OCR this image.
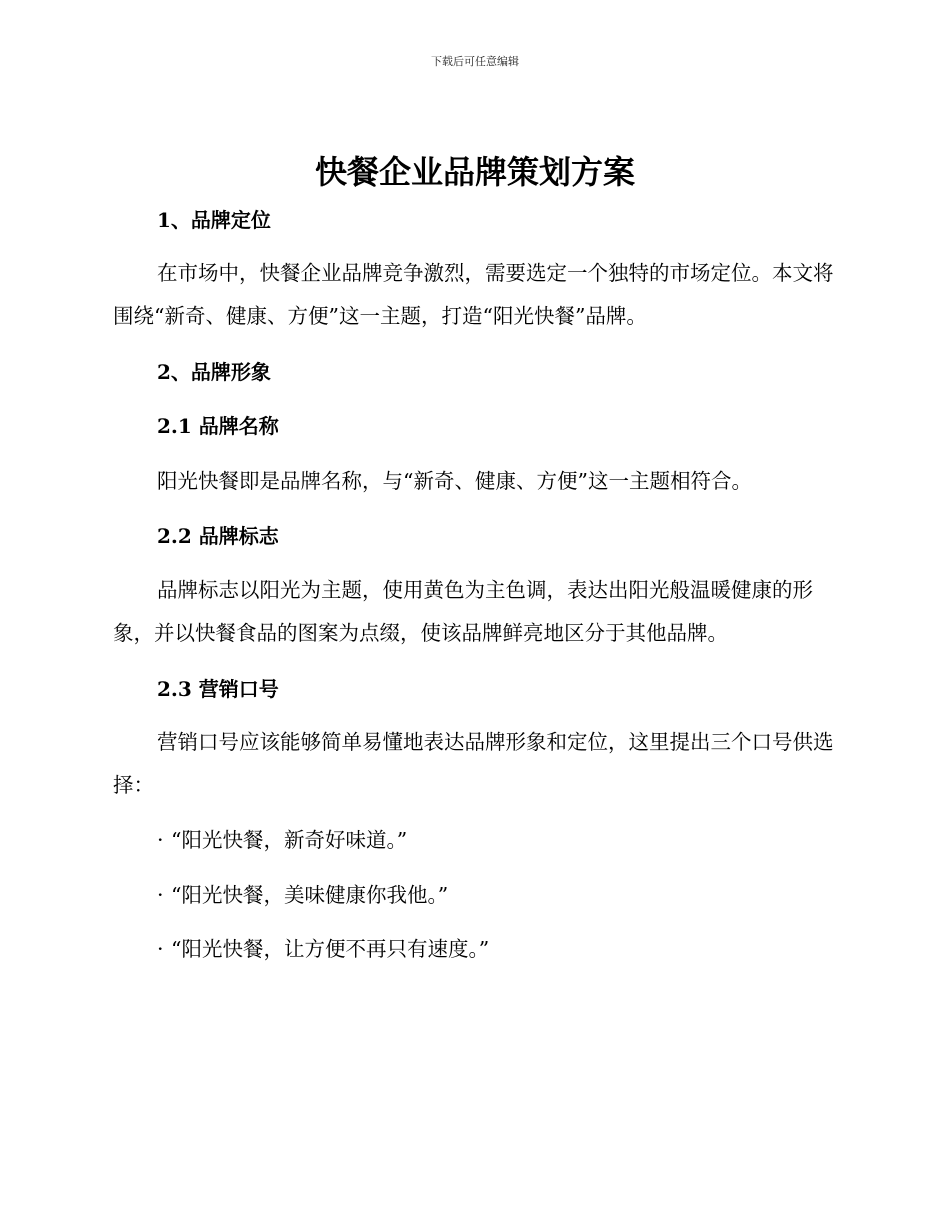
下载后可任意编辑
快餐企业品牌策划方案
1、品牌定位

在市场中，快餐企业品牌竞争激烈，需要选定一个独特的市场定位。本文将围绕“新奇、健康、方便”这一主题，打造“阳光快餐”品牌。

2、品牌形象
2.1 品牌名称

阳光快餐即是品牌名称，与“新奇、健康、方便”这一主题相符合。

2.2 品牌标志

品牌标志以阳光为主题，使用黄色为主色调，表达出阳光般温暖健康的形象，并以快餐食品的图案为点缀，使该品牌鲜亮地区分于其他品牌。

2.3 营销口号

营销口号应该能够简单易懂地表达品牌形象和定位，这里提出三个口号供选择：

· “阳光快餐，新奇好味道。”

· “阳光快餐，美味健康你我他。”

· “阳光快餐，让方便不再只有速度。”
